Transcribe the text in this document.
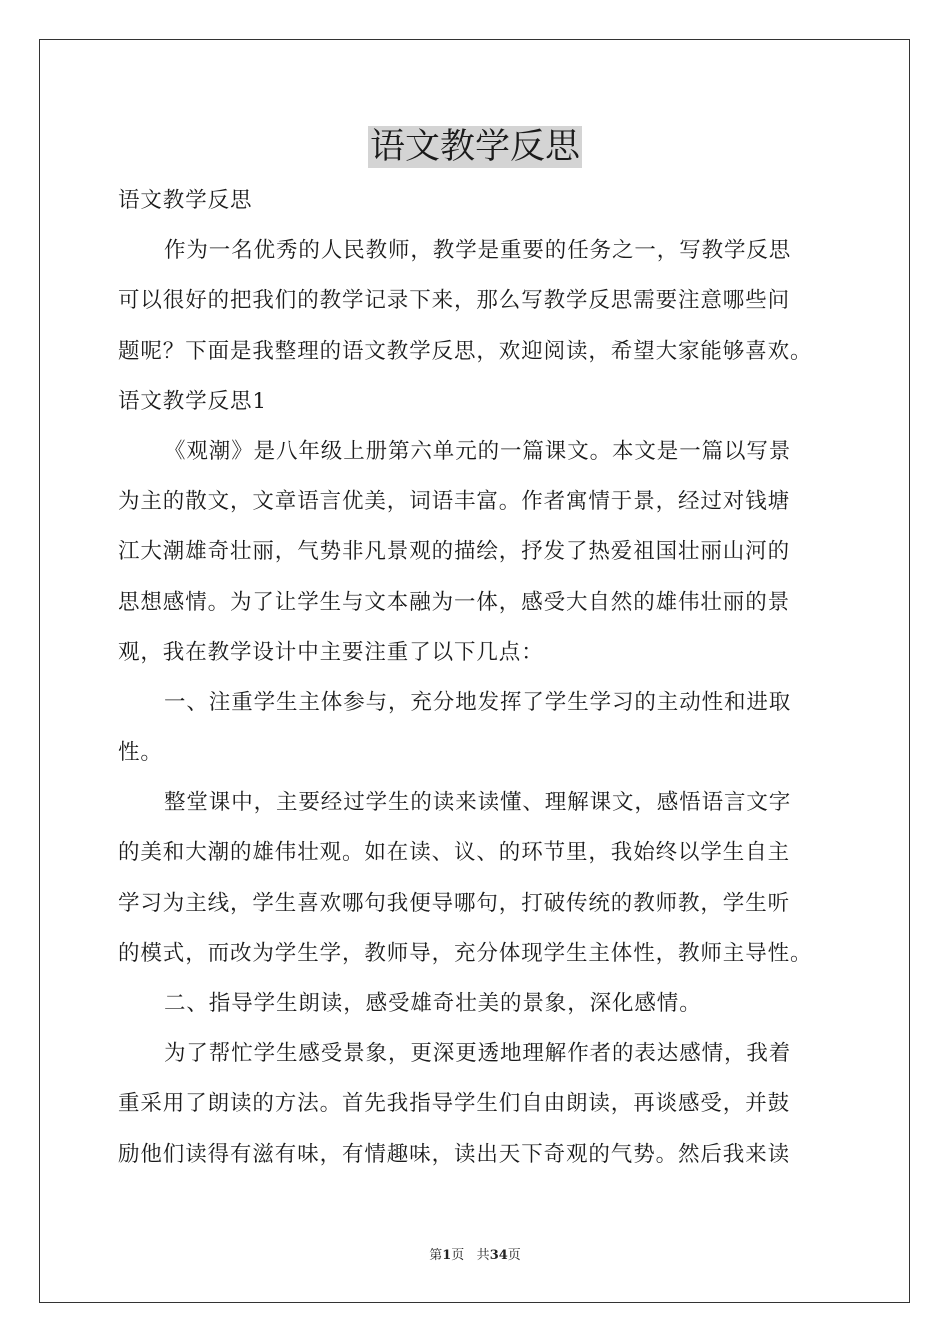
语文教学反思
语文教学反思
作为一名优秀的人民教师，教学是重要的任务之一，写教学反思
可以很好的把我们的教学记录下来，那么写教学反思需要注意哪些问
题呢？下面是我整理的语文教学反思，欢迎阅读，希望大家能够喜欢。
语文教学反思1
《观潮》是八年级上册第六单元的一篇课文。本文是一篇以写景
为主的散文，文章语言优美，词语丰富。作者寓情于景，经过对钱塘
江大潮雄奇壮丽，气势非凡景观的描绘，抒发了热爱祖国壮丽山河的
思想感情。为了让学生与文本融为一体，感受大自然的雄伟壮丽的景
观，我在教学设计中主要注重了以下几点：
一、注重学生主体参与，充分地发挥了学生学习的主动性和进取
性。
整堂课中，主要经过学生的读来读懂、理解课文，感悟语言文字
的美和大潮的雄伟壮观。如在读、议、的环节里，我始终以学生自主
学习为主线，学生喜欢哪句我便导哪句，打破传统的教师教，学生听
的模式，而改为学生学，教师导，充分体现学生主体性，教师主导性。
二、指导学生朗读，感受雄奇壮美的景象，深化感情。
为了帮忙学生感受景象，更深更透地理解作者的表达感情，我着
重采用了朗读的方法。首先我指导学生们自由朗读，再谈感受，并鼓
励他们读得有滋有味，有情趣味，读出天下奇观的气势。然后我来读
第1页 共34页
